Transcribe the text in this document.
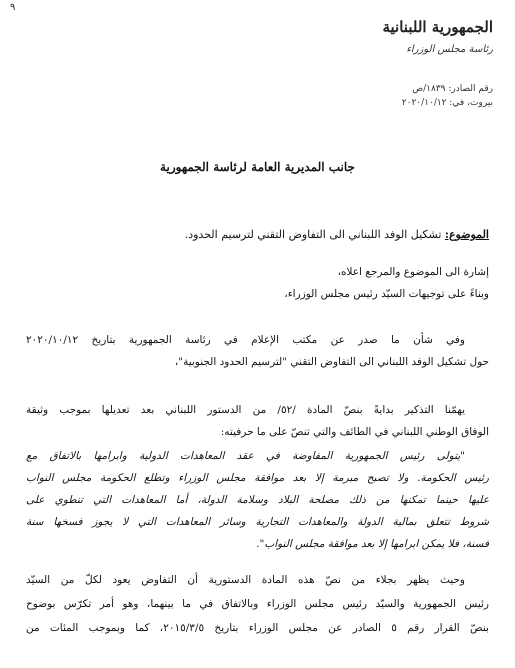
٩
الجمهورية اللبنانية
رئاسة مجلس الوزراء
رقم الصادر: ١٨٣٩/ص
بيروت، في: ٢٠٢٠/١٠/١٢
جانب المديرية العامة لرئاسة الجمهورية
الموضوع: تشكيل الوفد اللبناني الى التفاوض التقني لترسيم الحدود.
إشارة الى الموضوع والمرجع اعلاه،
وبناءً على توجيهات السيّد رئيس مجلس الوزراء،
وفي شأن ما صدر عن مكتب الإعلام في رئاسة الجمهورية بتاريخ ٢٠٢٠/١٠/١٢
حول تشكيل الوفد اللبناني الى التفاوض التقني "لترسيم الحدود الجنوبية"،
يهمّنا التذكير بدايةً بنصّ المادة /٥٢/ من الدستور اللبناني بعد تعديلها بموجب وثيقة
الوفاق الوطني اللبناني في الطائف والتي تنصّ على ما حرفيته:
"يتولى رئيس الجمهورية المفاوضة في عقد المعاهدات الدولية وابرامها بالاتفاق مع
رئيس الحكومة. ولا تصبح مبرمة إلا بعد موافقة مجلس الوزراء وتطلع الحكومة مجلس النواب
عليها حينما تمكنها من ذلك مصلحة البلاد وسلامة الدولة، أما المعاهدات التي تنطوي على
شروط تتعلق بمالية الدولة والمعاهدات التجارية وسائر المعاهدات التي لا يجوز فسخها سنة
فسنة، فلا يمكن ابرامها إلا بعد موافقة مجلس النواب".
وحيث يظهر بجلاء من نصّ هذه المادة الدستورية أن التفاوض يعود لكلّ من السيّد
رئيس الجمهورية والسيّد رئيس مجلس الوزراء وبالاتفاق في ما بينهما، وهو أمر تكرّس بوضوح
بنصّ القرار رقم ٥ الصادر عن مجلس الوزراء بتاريخ ٢٠١٥/٣/٥، كما وبموجب المئات من
